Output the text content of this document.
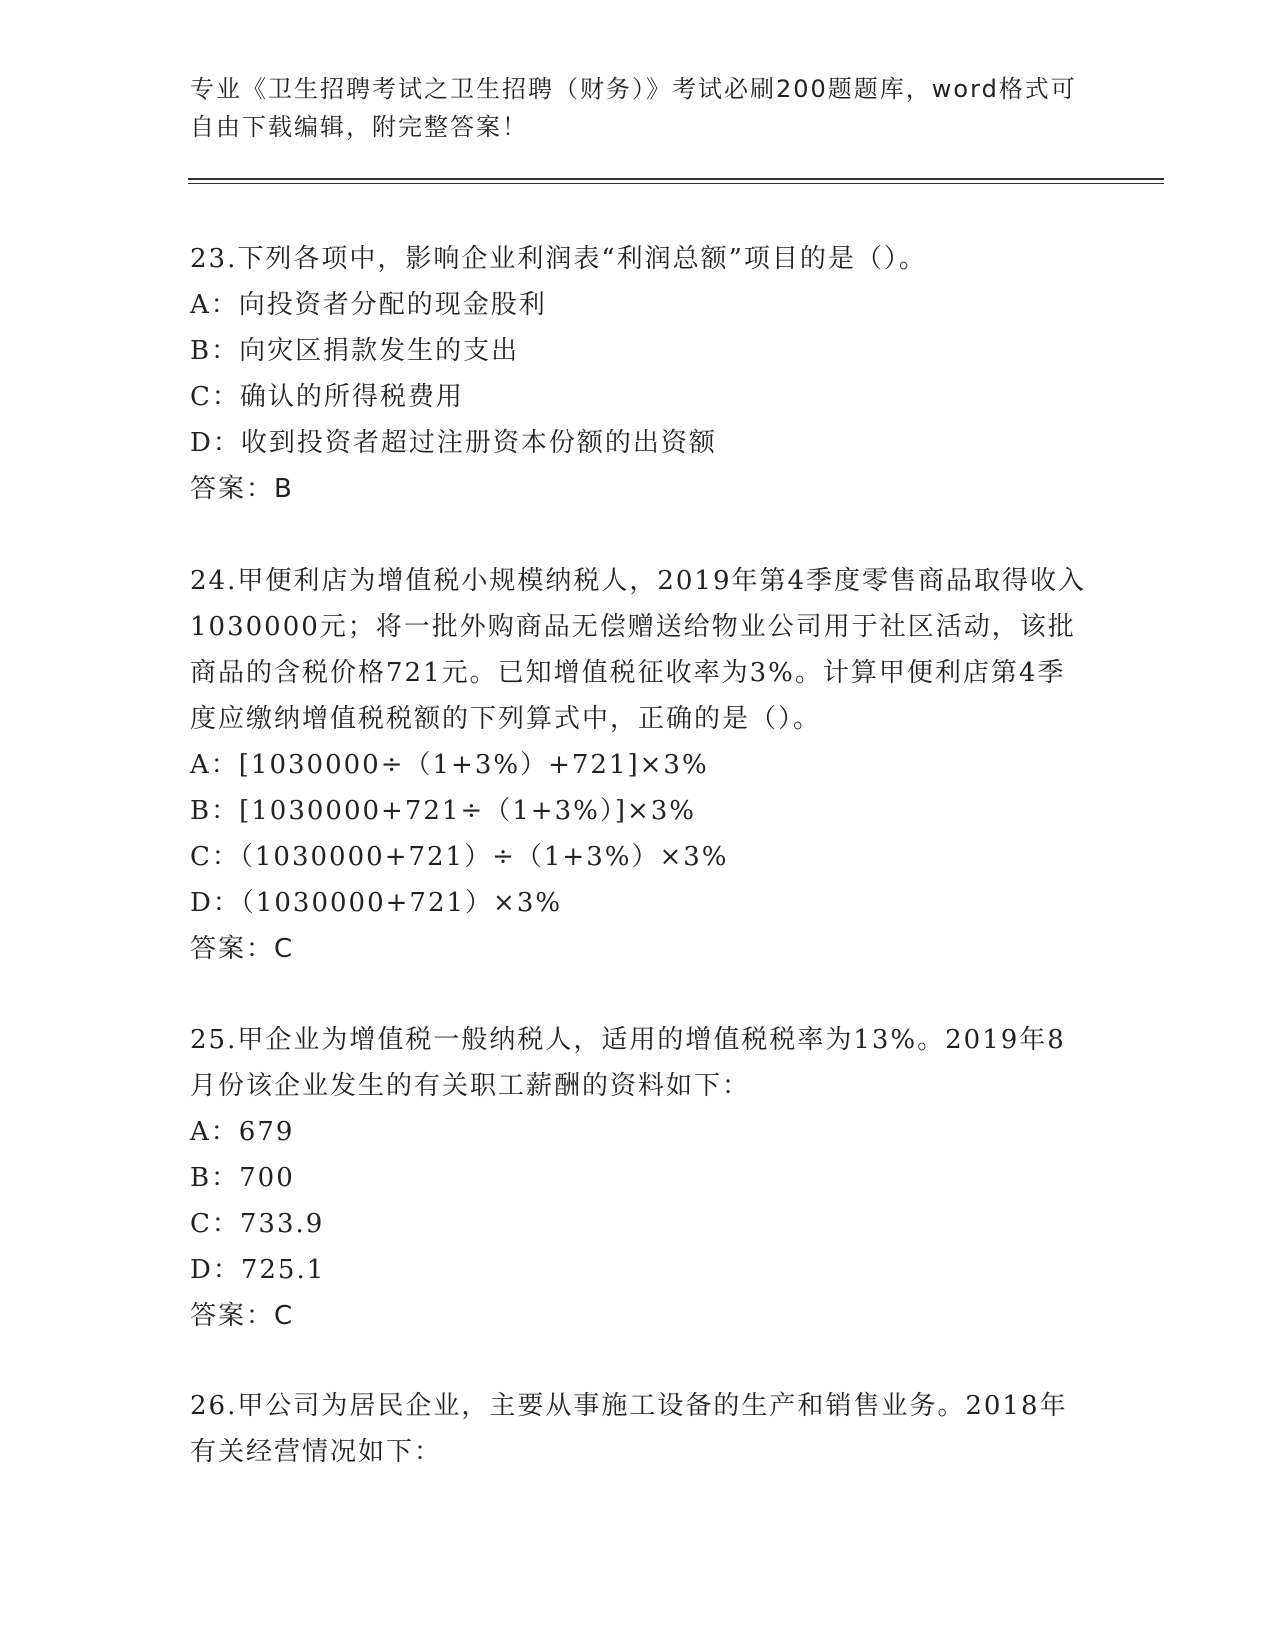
专业《卫生招聘考试之卫生招聘（财务）》考试必刷200题题库，word格式可自由下载编辑，附完整答案！
23.下列各项中，影响企业利润表“利润总额”项目的是（）。
A：向投资者分配的现金股利
B：向灾区捐款发生的支出
C：确认的所得税费用
D：收到投资者超过注册资本份额的出资额
答案：B
24.甲便利店为增值税小规模纳税人，2019年第4季度零售商品取得收入1030000元；将一批外购商品无偿赠送给物业公司用于社区活动，该批商品的含税价格721元。已知增值税征收率为3%。计算甲便利店第4季度应缴纳增值税税额的下列算式中，正确的是（）。
A：[1030000÷（1+3%）+721]×3%
B：[1030000+721÷（1+3%）]×3%
C：（1030000+721）÷（1+3%）×3%
D：（1030000+721）×3%
答案：C
25.甲企业为增值税一般纳税人，适用的增值税税率为13%。2019年8月份该企业发生的有关职工薪酬的资料如下：
A：679
B：700
C：733.9
D：725.1
答案：C
26.甲公司为居民企业，主要从事施工设备的生产和销售业务。2018年有关经营情况如下：
